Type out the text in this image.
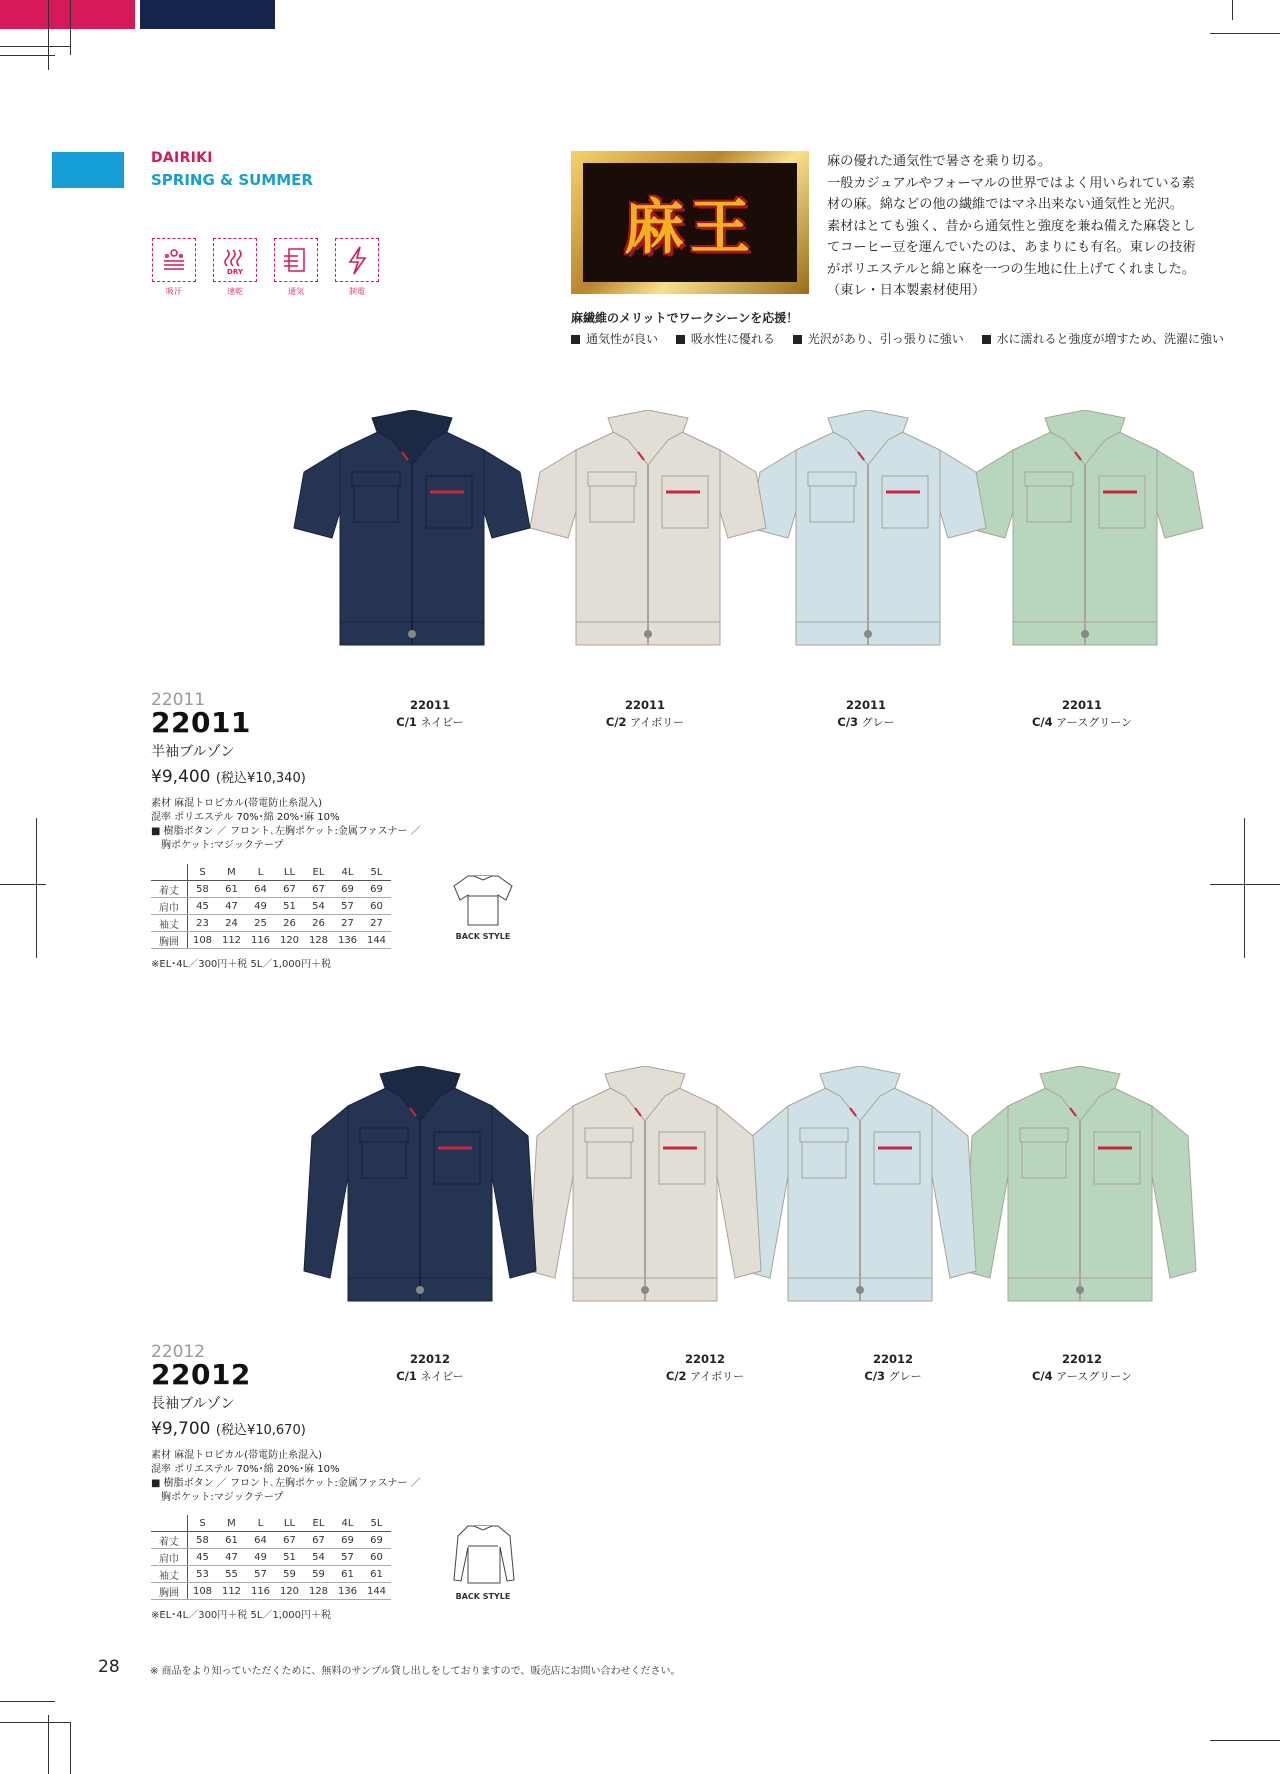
DAIRIKI
SPRING & SUMMER
吸汗
DRY
速乾	通気	制電
麻王
麻の優れた通気性で暑さを乗り切る。
一般カジュアルやフォーマルの世界ではよく用いられている素
材の麻。綿などの他の繊維ではマネ出来ない通気性と光沢。
素材はとても強く、昔から通気性と強度を兼ね備えた麻袋とし
てコーヒー豆を運んでいたのは、あまりにも有名。東レの技術
がポリエステルと綿と麻を一つの生地に仕上げてくれました。
（東レ・日本製素材使用）
麻繊維のメリットでワークシーンを応援！
通気性が良い	吸水性に優れる	光沢があり、引っ張りに強い	水に濡れると強度が増すため、洗濯に強い
22011
C/1 ネイビー
22011
C/2 アイボリー
22011
C/3 グレー
22011
C/4 アースグリーン
22011
22011
半袖ブルゾン
¥9,400 (税込¥10,340)
素材 麻混トロピカル(帯電防止糸混入)
混率 ポリエステル 70%･綿 20%･麻 10%
■ 樹脂ボタン ／ フロント､左胸ポケット:金属ファスナー ／
　胸ポケット:マジックテープ
	S	M	L	LL	EL	4L	5L
着丈	58	61	64	67	67	69	69
肩巾	45	47	49	51	54	57	60
袖丈	23	24	25	26	26	27	27
胸囲	108	112	116	120	128	136	144
※EL･4L／300円＋税 5L／1,000円＋税
BACK STYLE
22012
C/1 ネイビー
22012
C/2 アイボリー
22012
C/3 グレー
22012
C/4 アースグリーン
22012
22012
長袖ブルゾン
¥9,700 (税込¥10,670)
素材 麻混トロピカル(帯電防止糸混入)
混率 ポリエステル 70%･綿 20%･麻 10%
■ 樹脂ボタン ／ フロント､左胸ポケット:金属ファスナー ／
　胸ポケット:マジックテープ
	S	M	L	LL	EL	4L	5L
着丈	58	61	64	67	67	69	69
肩巾	45	47	49	51	54	57	60
袖丈	53	55	57	59	59	61	61
胸囲	108	112	116	120	128	136	144
※EL･4L／300円＋税 5L／1,000円＋税
BACK STYLE
28	※ 商品をより知っていただくために、無料のサンプル貸し出しをしておりますので、販売店にお問い合わせください。
